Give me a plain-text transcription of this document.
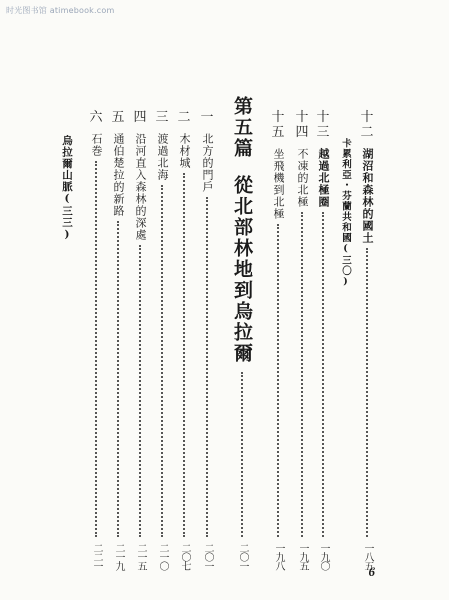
时光图书馆 atimebook.com
十二
湖沼和森林的國土
一八五
卡累利亞・芬蘭共和國(三〇)
十三
越過北極圈
一九〇
十四
不凍的北極
一九五
十五
坐飛機到北極
一九八
第五篇
從北部林地到烏拉爾
二〇一
一
北方的門戶
二〇一
二
木材城
二〇七
三
渡過北海
二一〇
四
沿河直入森林的深處
二一五
五
通伯楚拉的新路
二一九
六
石巻
二二一
烏拉爾山脈(三三)
6
